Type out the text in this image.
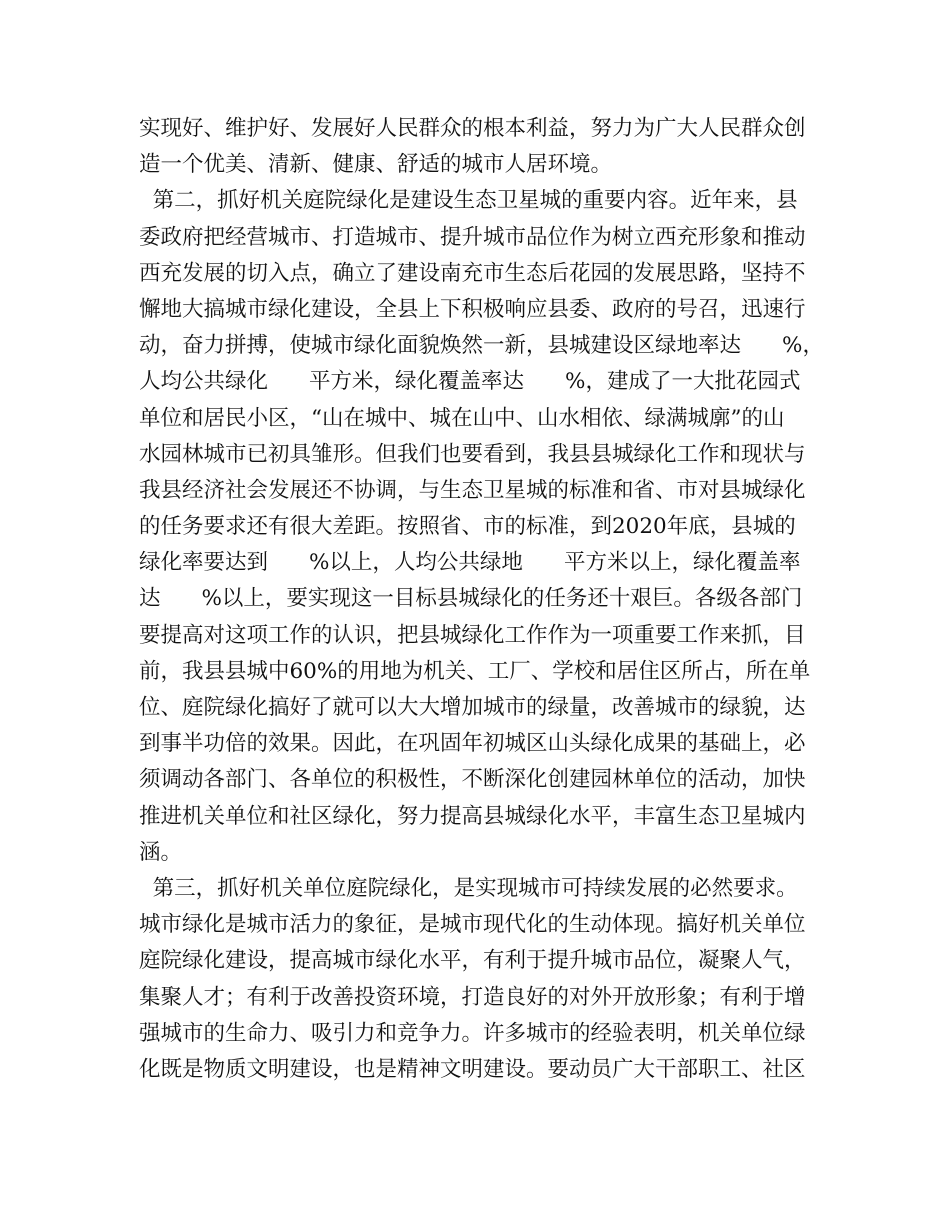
实现好、维护好、发展好人民群众的根本利益，努力为广大人民群众创
造一个优美、清新、健康、舒适的城市人居环境。
第二，抓好机关庭院绿化是建设生态卫星城的重要内容。近年来，县
委政府把经营城市、打造城市、提升城市品位作为树立西充形象和推动
西充发展的切入点，确立了建设南充市生态后花园的发展思路，坚持不
懈地大搞城市绿化建设，全县上下积极响应县委、政府的号召，迅速行
动，奋力拼搏，使城市绿化面貌焕然一新，县城建设区绿地率达      %，
人均公共绿化      平方米，绿化覆盖率达      %，建成了一大批花园式
单位和居民小区，“山在城中、城在山中、山水相依、绿满城廓”的山
水园林城市已初具雏形。但我们也要看到，我县县城绿化工作和现状与
我县经济社会发展还不协调，与生态卫星城的标准和省、市对县城绿化
的任务要求还有很大差距。按照省、市的标准，到2020年底，县城的
绿化率要达到      %以上，人均公共绿地      平方米以上，绿化覆盖率
达      %以上，要实现这一目标县城绿化的任务还十艰巨。各级各部门
要提高对这项工作的认识，把县城绿化工作作为一项重要工作来抓，目
前，我县县城中60%的用地为机关、工厂、学校和居住区所占，所在单
位、庭院绿化搞好了就可以大大增加城市的绿量，改善城市的绿貌，达
到事半功倍的效果。因此，在巩固年初城区山头绿化成果的基础上，必
须调动各部门、各单位的积极性，不断深化创建园林单位的活动，加快
推进机关单位和社区绿化，努力提高县城绿化水平，丰富生态卫星城内
涵。
第三，抓好机关单位庭院绿化，是实现城市可持续发展的必然要求。
城市绿化是城市活力的象征，是城市现代化的生动体现。搞好机关单位
庭院绿化建设，提高城市绿化水平，有利于提升城市品位，凝聚人气，
集聚人才；有利于改善投资环境，打造良好的对外开放形象；有利于增
强城市的生命力、吸引力和竞争力。许多城市的经验表明，机关单位绿
化既是物质文明建设，也是精神文明建设。要动员广大干部职工、社区
